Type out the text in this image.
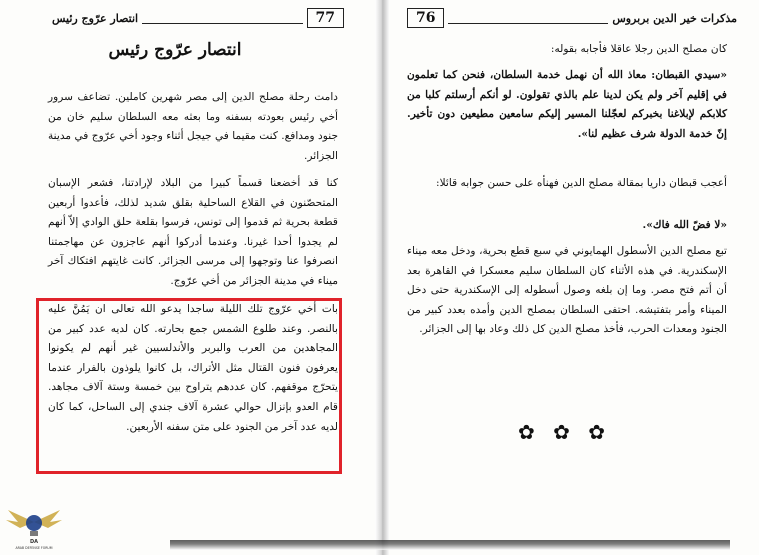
انتصار عرّوج رئيس	77
انتصار عرّوج رئيس
دامت رحلة مصلح الدين إلى مصر شهرين كاملين. تضاعف سرور أخي رئيس بعودته بسفنه وما بعثه معه السلطان سليم خان من جنود ومدافع. كنت مقيما في جيجل أثناء وجود أخي عرّوج في مدينة الجزائر.
كنا قد أخضعنا قسماً كبيرا من البلاد لإرادتنا، فشعر الإسبان المتحصّنون في القلاع الساحلية بقلق شديد لذلك، فأعدوا أربعين قطعة بحرية ثم قدموا إلى تونس، فرسوا بقلعة حلق الوادي إلاّ أنهم لم يجدوا أحدا غيرنا. وعندما أدركوا أنهم عاجزون عن مهاجمتنا انصرفوا عنا وتوجهوا إلى مرسى الجزائر. كانت غايتهم افتكاك آخر ميناء في مدينة الجزائر من أخي عرّوج.
بات أخي عرّوج تلك الليلة ساجدا يدعو الله تعالى ان يَمُنَّ عليه بالنصر. وعند طلوع الشمس جمع بحارته. كان لديه عدد كبير من المجاهدين من العرب والبربر والأندلسيين غير أنهم لم يكونوا يعرفون فنون القتال مثل الأتراك، بل كانوا يلوذون بالفرار عندما يتحرّج موقفهم. كان عددهم يتراوح بين خمسة وستة آلاف مجاهد. قام العدو بإنزال حوالي عشرة آلاف جندي إلى الساحل، كما كان لديه عدد آخر من الجنود على متن سفنه الأربعين.
76	مذكرات خير الدين بربروس
كان مصلح الدين رجلا عاقلا فأجابه بقوله:
«سيدي القبطان: معاذ الله أن نهمل خدمة السلطان، فنحن كما تعلمون في إقليم آخر ولم يكن لدينا علم بالذي تقولون. لو أنكم أرسلتم كلبا من كلابكم لإبلاغنا بخبركم لعجّلنا المسير إليكم سامعين مطيعين دون تأخير. إنّ خدمة الدولة شرف عظيم لنا».
أعجب قبطان داريا بمقالة مصلح الدين فهنأه على حسن جوابه قائلا:
«لا فضّ الله فاك».
تبع مصلح الدين الأسطول الهمايوني في سبع قطع بحرية، ودخل معه ميناء الإسكندرية. في هذه الأثناء كان السلطان سليم معسكرا في القاهرة بعد أن أتم فتح مصر. وما إن بلغه وصول أسطوله إلى الإسكندرية حتى دخل الميناء وأمر بتفتيشه. احتفى السلطان بمصلح الدين وأمده بعدد كبير من الجنود ومعدات الحرب، فأخذ مصلح الدين كل ذلك وعاد بها إلى الجزائر.
✿ ✿ ✿
DA
ARAB DEFENSE FORUM
